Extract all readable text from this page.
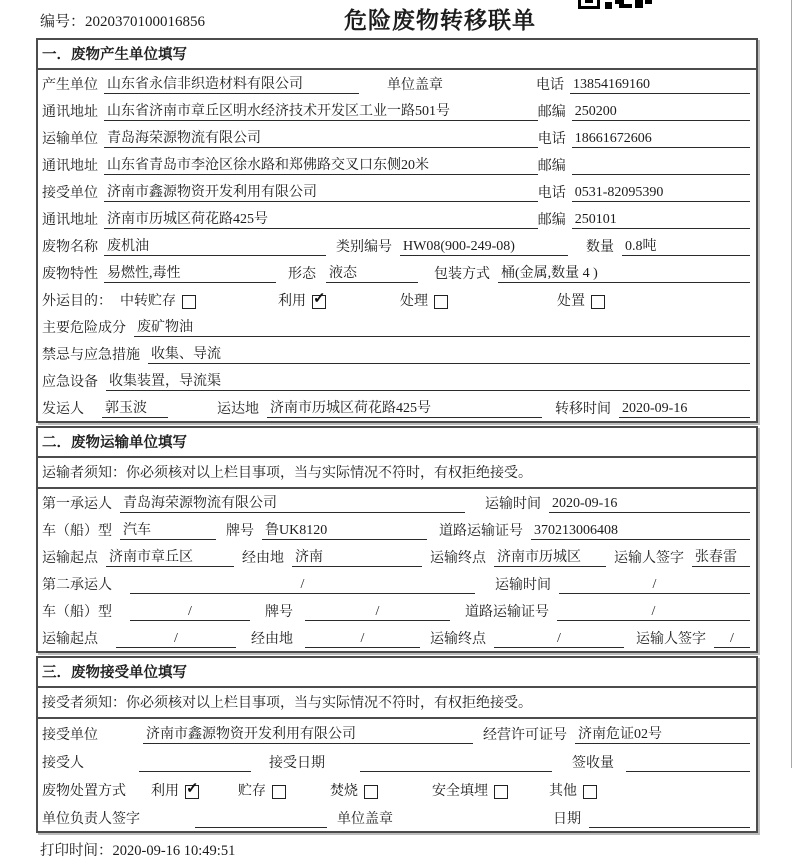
编号：2020370100016856	危险废物转移联单
一．废物产生单位填写
产生单位 山东省永信非织造材料有限公司	单位盖章	电话 13854169160
通讯地址 山东省济南市章丘区明水经济技术开发区工业一路501号	邮编 250200
运输单位 青岛海荣源物流有限公司	电话 18661672606
通讯地址 山东省青岛市李沧区徐水路和郑佛路交叉口东侧20米	邮编
接受单位 济南市鑫源物资开发利用有限公司	电话 0531-82095390
通讯地址 济南市历城区荷花路425号	邮编 250101
废物名称 废机油	类别编号 HW08(900-249-08)	数量 0.8吨
废物特性 易燃性,毒性	形态 液态	包装方式 桶(金属,数量 4 )
外运目的： 中转贮存	利用 ✓	处理	处置
主要危险成分 废矿物油
禁忌与应急措施 收集、导流
应急设备 收集装置，导流渠
发运人 郭玉波	运达地 济南市历城区荷花路425号	转移时间 2020-09-16
二．废物运输单位填写
运输者须知：你必须核对以上栏目事项，当与实际情况不符时，有权拒绝接受。
第一承运人 青岛海荣源物流有限公司	运输时间 2020-09-16
车（船）型 汽车	牌号 鲁UK8120	道路运输证号 370213006408
运输起点 济南市章丘区	经由地 济南	运输终点 济南市历城区	运输人签字 张春雷
第二承运人	/	运输时间	/
车（船）型	/	牌号	/	道路运输证号	/
运输起点	/	经由地	/	运输终点	/	运输人签字	/
三．废物接受单位填写
接受者须知：你必须核对以上栏目事项，当与实际情况不符时，有权拒绝接受。
接受单位	济南市鑫源物资开发利用有限公司	经营许可证号 济南危证02号
接受人	接受日期	签收量
废物处置方式 利用 ✓	贮存	焚烧	安全填埋	其他
单位负责人签字	单位盖章	日期
打印时间：2020-09-16 10:49:51
